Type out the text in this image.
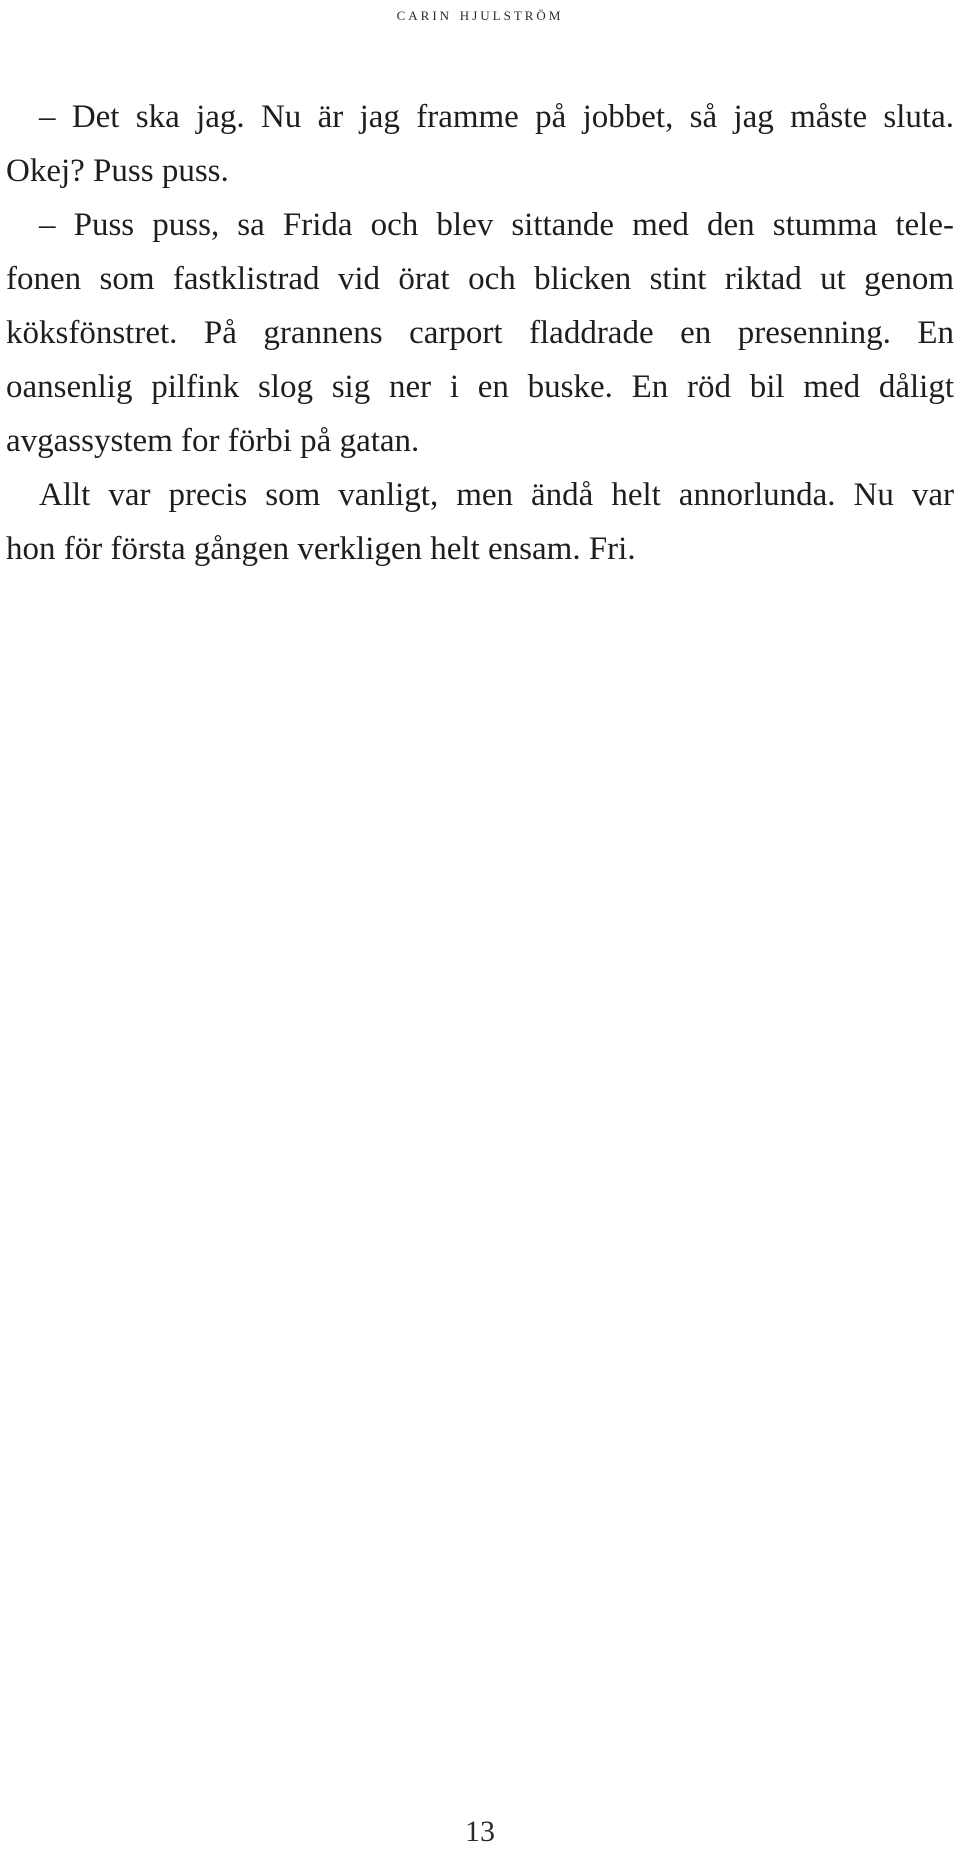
carin hjulström
– Det ska jag. Nu är jag framme på jobbet, så jag måste sluta.
Okej? Puss puss.
– Puss puss, sa Frida och blev sittande med den stumma tele-
fonen som fastklistrad vid örat och blicken stint riktad ut genom
köksfönstret. På grannens carport fladdrade en presenning. En
oansenlig pilfink slog sig ner i en buske. En röd bil med dåligt
avgassystem for förbi på gatan.
Allt var precis som vanligt, men ändå helt annorlunda. Nu var
hon för första gången verkligen helt ensam. Fri.
13
